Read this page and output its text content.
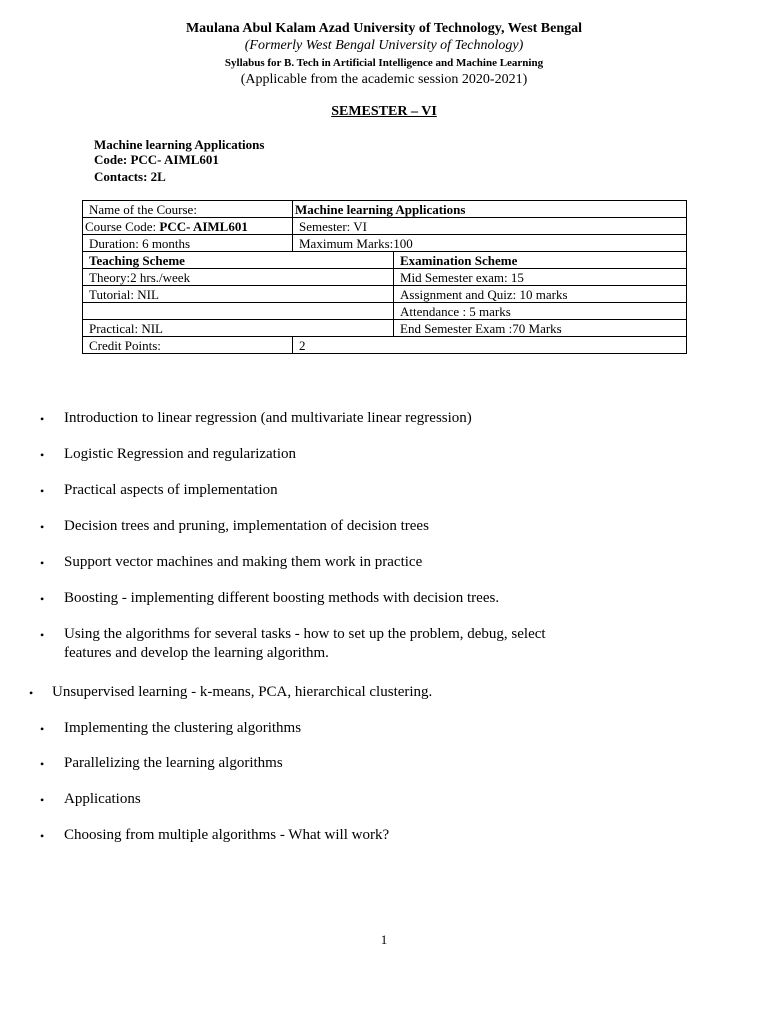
Maulana Abul Kalam Azad University of Technology, West Bengal
(Formerly West Bengal University of Technology)
Syllabus for B. Tech in Artificial Intelligence and Machine Learning
(Applicable from the academic session 2020-2021)
SEMESTER – VI
Machine learning Applications
Code: PCC- AIML601
Contacts: 2L
Name of the Course:	Machine learning Applications	
Course Code: PCC- AIML601	Semester: VI	
Duration: 6 months	Maximum Marks:100	
Teaching Scheme		Examination Scheme
Theory:2 hrs./week		Mid Semester exam: 15
Tutorial: NIL		Assignment and Quiz: 10 marks
		Attendance : 5 marks
Practical: NIL		End Semester Exam :70 Marks
Credit Points:	2	
• Introduction to linear regression (and multivariate linear regression)
• Logistic Regression and regularization
• Practical aspects of implementation
• Decision trees and pruning, implementation of decision trees
• Support vector machines and making them work in practice
• Boosting - implementing different boosting methods with decision trees.
• Using the algorithms for several tasks - how to set up the problem, debug, select
features and develop the learning algorithm.
• Unsupervised learning - k-means, PCA, hierarchical clustering.
• Implementing the clustering algorithms
• Parallelizing the learning algorithms
• Applications
• Choosing from multiple algorithms - What will work?
1
